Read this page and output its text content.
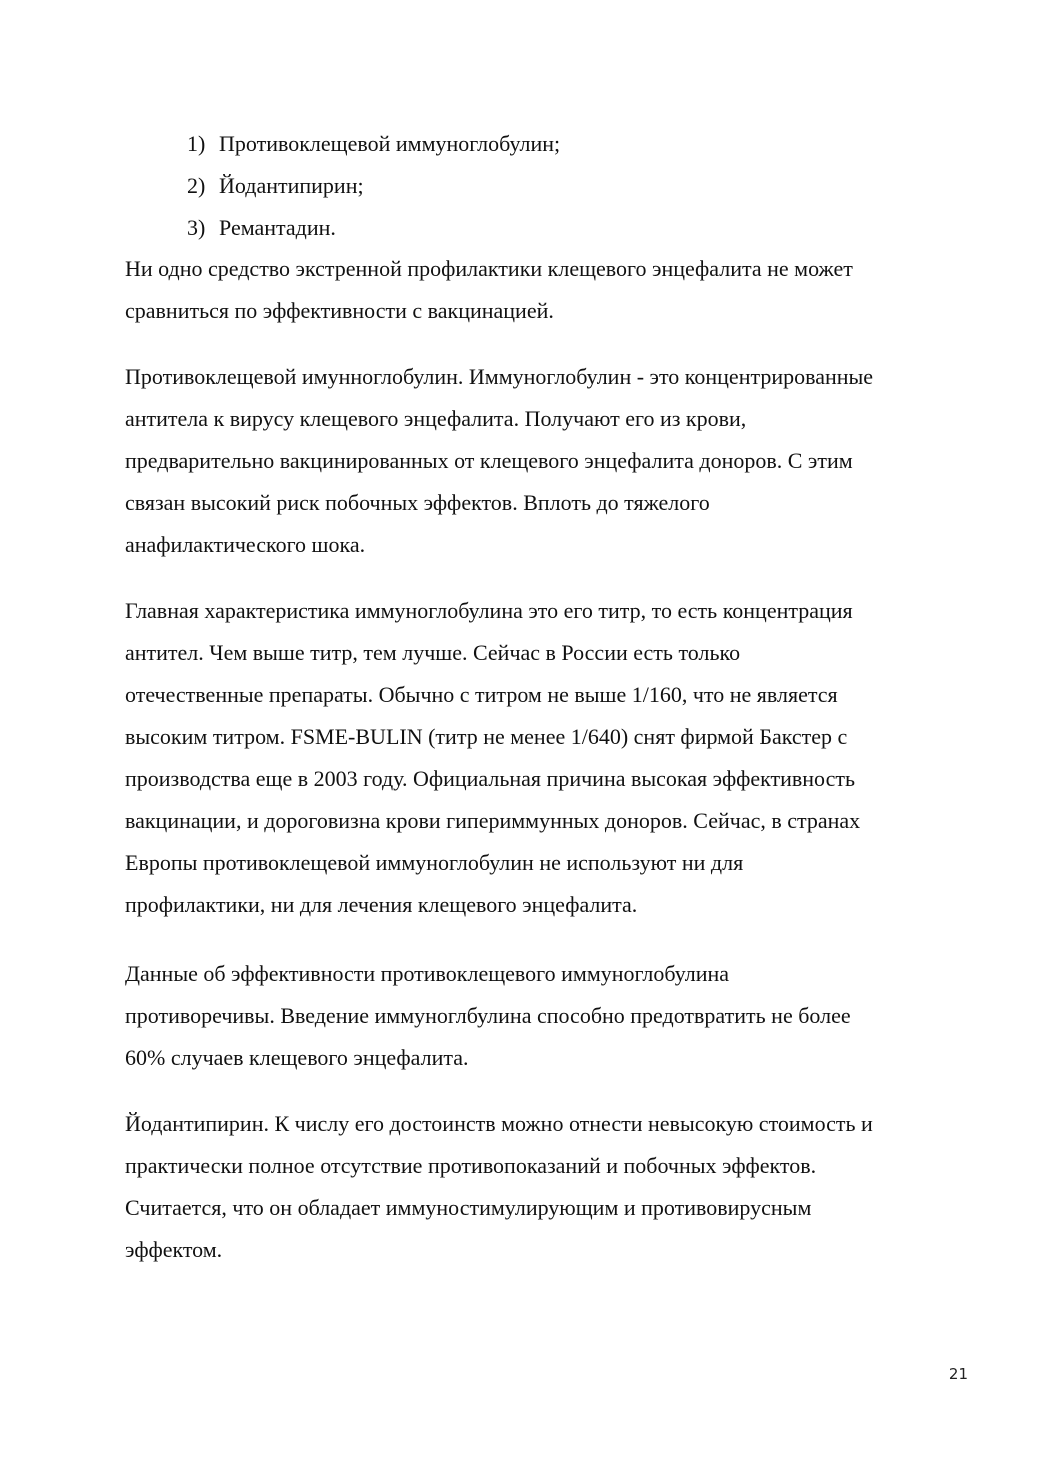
1) Противоклещевой иммуноглобулин;
2) Йодантипирин;
3) Ремантадин.

Ни одно средство экстренной профилактики клещевого энцефалита не может
сравниться по эффективности с вакцинацией.

Противоклещевой имунноглобулин. Иммуноглобулин - это концентрированные
антитела к вирусу клещевого энцефалита. Получают его из крови,
предварительно вакцинированных от клещевого энцефалита доноров. С этим
связан высокий риск побочных эффектов. Вплоть до тяжелого
анафилактического шока.

Главная характеристика иммуноглобулина это его титр, то есть концентрация
антител. Чем выше титр, тем лучше. Сейчас в России есть только
отечественные препараты. Обычно с титром не выше 1/160, что не является
высоким титром. FSME-BULIN (титр не менее 1/640) снят фирмой Бакстер с
производства еще в 2003 году. Официальная причина высокая эффективность
вакцинации, и дороговизна крови гипериммунных доноров. Сейчас, в странах
Европы противоклещевой иммуноглобулин не используют ни для
профилактики, ни для лечения клещевого энцефалита.

Данные об эффективности противоклещевого иммуноглобулина
противоречивы. Введение иммуноглбулина способно предотвратить не более
60% случаев клещевого энцефалита.

Йодантипирин. К числу его достоинств можно отнести невысокую стоимость и
практически полное отсутствие противопоказаний и побочных эффектов.
Считается, что он обладает иммуностимулирующим и противовирусным
эффектом.

21
